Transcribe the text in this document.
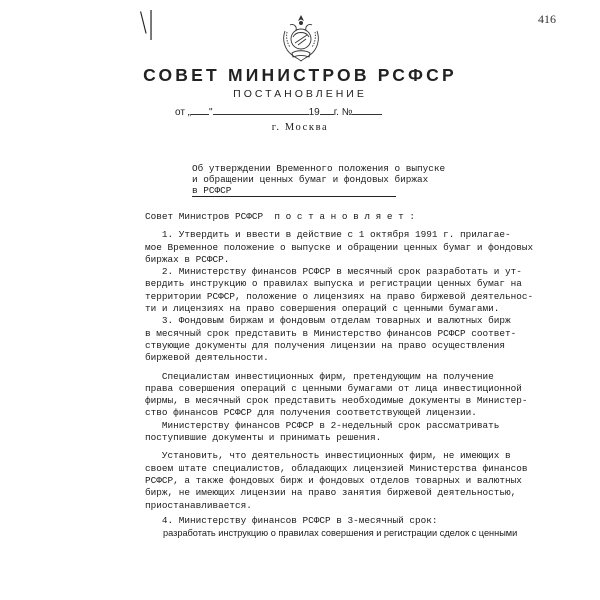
\|	416
СОВЕТ МИНИСТРОВ РСФСР
ПОСТАНОВЛЕНИЕ
от „ "	19 г. №
г. Москва
Об утверждении Временного положения о выпуске
и обращении ценных бумаг и фондовых биржах
в РСФСР
Совет Министров РСФСР  п о с т а н о в л я е т :
1. Утвердить и ввести в действие с 1 октября 1991 г. прилагае-
мое Временное положение о выпуске и обращении ценных бумаг и фондовых
биржах в РСФСР.
2. Министерству финансов РСФСР в месячный срок разработать и ут-
вердить инструкцию о правилах выпуска и регистрации ценных бумаг на
территории РСФСР, положение о лицензиях на право биржевой деятельнос-
ти и лицензиях на право совершения операций с ценными бумагами.
3. Фондовым биржам и фондовым отделам товарных и валютных бирж
в месячный срок представить в Министерство финансов РСФСР соответ-
ствующие документы для получения лицензии на право осуществления
биржевой деятельности.
Специалистам инвестиционных фирм, претендующим на получение
права совершения операций с ценными бумагами от лица инвестиционной
фирмы, в месячный срок представить необходимые документы в Министер-
ство финансов РСФСР для получения соответствующей лицензии.
Министерству финансов РСФСР в 2-недельный срок рассматривать
поступившие документы и принимать решения.
Установить, что деятельность инвестиционных фирм, не имеющих в
своем штате специалистов, обладающих лицензией Министерства финансов
РСФСР, а также фондовых бирж и фондовых отделов товарных и валютных
бирж, не имеющих лицензии на право занятия биржевой деятельностью,
приостанавливается.
4. Министерству финансов РСФСР в 3-месячный срок:
разработать инструкцию о правилах совершения и регистрации сделок с ценными
